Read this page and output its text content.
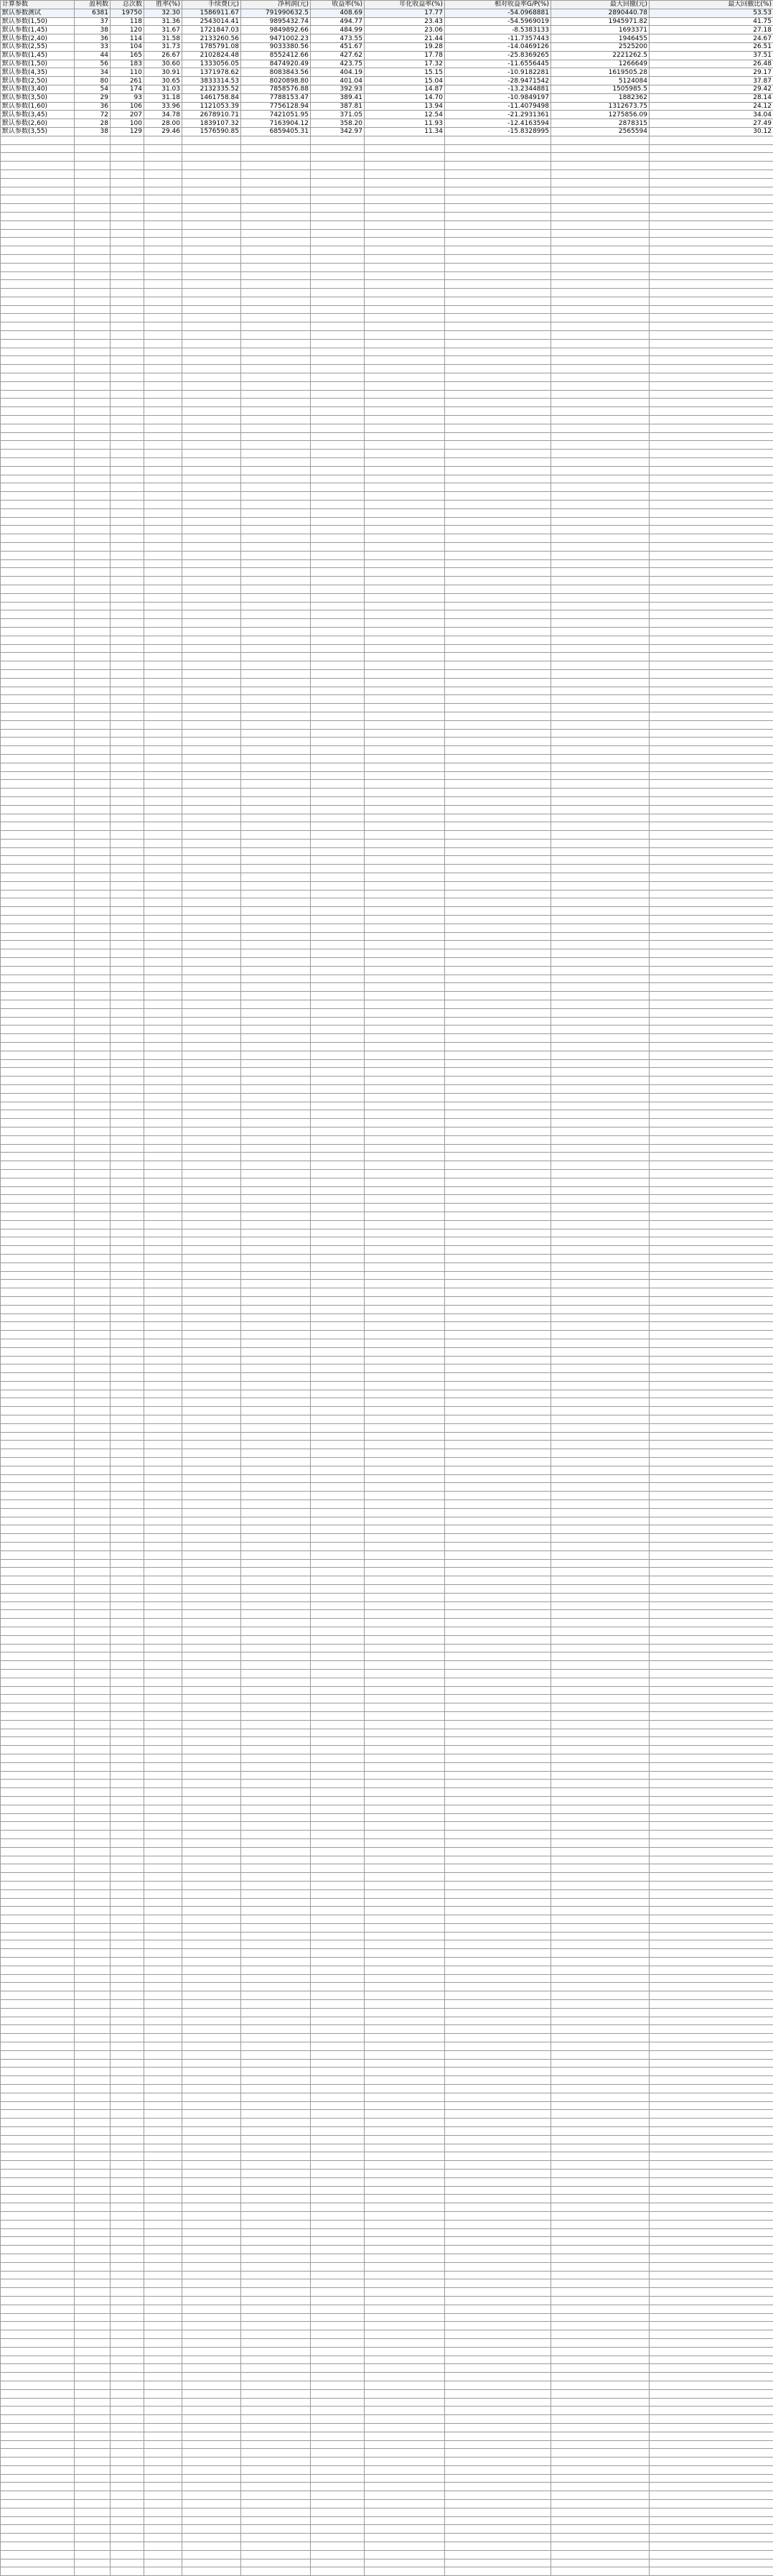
计算参数	盈利数	总次数	胜率(%)	手续费(元)	净利润(元)	收益率(%)	年化收益率(%)	相对收益率G/P(%)	最大回撤(元)	最大回撤比(%)
默认参数测试	6381	19750	32.30	1586911.67	791990632.5	408.69	17.77	-54.0968881	2890440.78	53.53
默认参数(1,50)	37	118	31.36	2543014.41	9895432.74	494.77	23.43	-54.5969019	1945971.82	41.75
默认参数(1,45)	38	120	31.67	1721847.03	9849892.66	484.99	23.06	-8.5383133	1693371	27.18
默认参数(2,40)	36	114	31.58	2133260.56	9471002.23	473.55	21.44	-11.7357443	1946455	24.67
默认参数(2,55)	33	104	31.73	1785791.08	9033380.56	451.67	19.28	-14.0469126	2525200	26.51
默认参数(1,45)	44	165	26.67	2102824.48	8552412.66	427.62	17.78	-25.8369265	2221262.5	37.51
默认参数(1,50)	56	183	30.60	1333056.05	8474920.49	423.75	17.32	-11.6556445	1266649	26.48
默认参数(4,35)	34	110	30.91	1371978.62	8083843.56	404.19	15.15	-10.9182281	1619505.28	29.17
默认参数(2,50)	80	261	30.65	3833314.53	8020898.80	401.04	15.04	-28.9471542	5124084	37.87
默认参数(3,40)	54	174	31.03	2132335.52	7858576.88	392.93	14.87	-13.2344881	1505985.5	29.42
默认参数(3,50)	29	93	31.18	1461758.84	7788153.47	389.41	14.70	-10.9849197	1882362	28.14
默认参数(1,60)	36	106	33.96	1121053.39	7756128.94	387.81	13.94	-11.4079498	1312673.75	24.12
默认参数(3,45)	72	207	34.78	2678910.71	7421051.95	371.05	12.54	-21.2931361	1275856.09	34.04
默认参数(2,60)	28	100	28.00	1839107.32	7163904.12	358.20	11.93	-12.4163594	2878315	27.49
默认参数(3,55)	38	129	29.46	1576590.85	6859405.31	342.97	11.34	-15.8328995	2565594	30.12
